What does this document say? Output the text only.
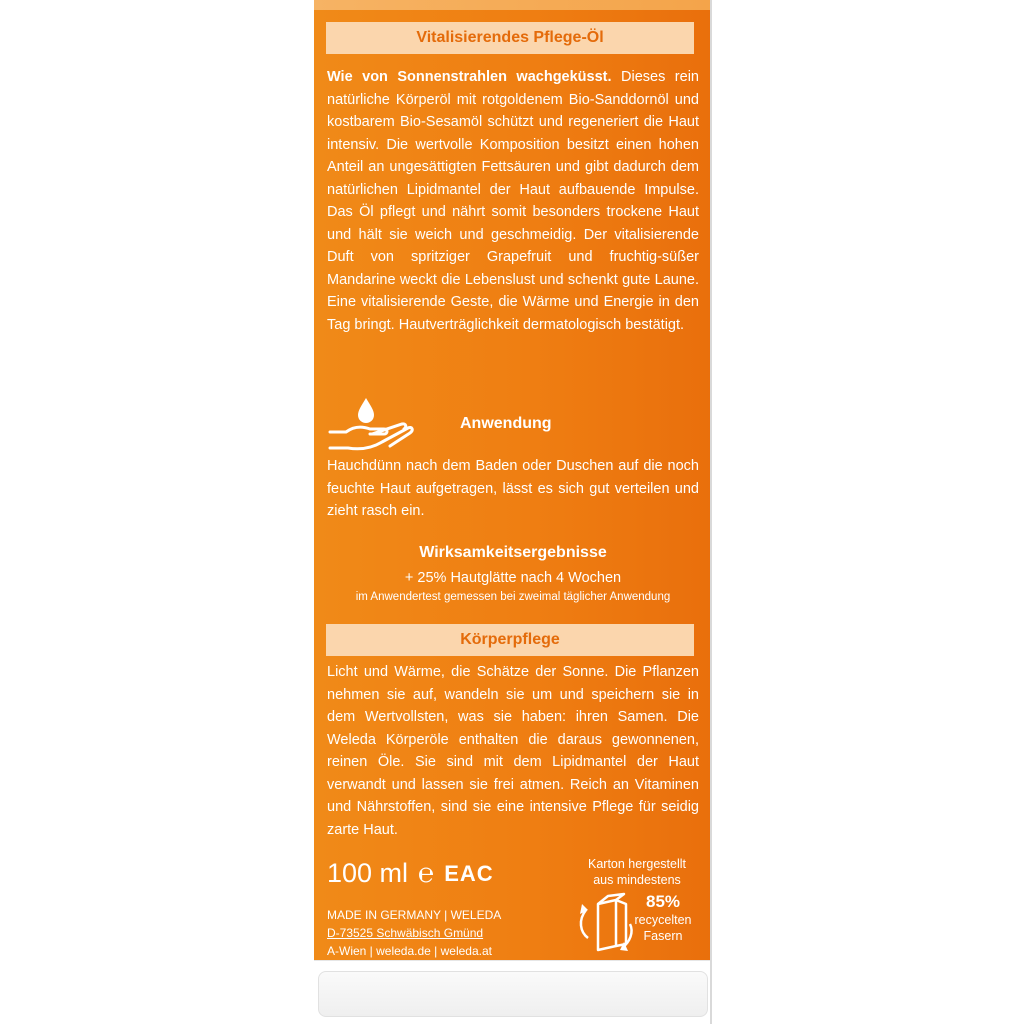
Vitalisierendes Pflege-Öl
Wie von Sonnenstrahlen wachgeküsst. Dieses rein natürliche Körperöl mit rotgoldenem Bio-Sanddornöl und kostbarem Bio-Sesamöl schützt und regeneriert die Haut intensiv. Die wertvolle Komposition besitzt einen hohen Anteil an ungesättigten Fettsäuren und gibt dadurch dem natürlichen Lipidmantel der Haut aufbauende Impulse. Das Öl pflegt und nährt somit besonders trockene Haut und hält sie weich und geschmeidig. Der vitalisierende Duft von spritziger Grapefruit und fruchtig-süßer Mandarine weckt die Lebenslust und schenkt gute Laune. Eine vitalisierende Geste, die Wärme und Energie in den Tag bringt. Hautverträglichkeit dermatologisch bestätigt.
Anwendung
Hauchdünn nach dem Baden oder Duschen auf die noch feuchte Haut aufgetragen, lässt es sich gut verteilen und zieht rasch ein.
Wirksamkeitsergebnisse
+ 25% Hautglätte nach 4 Wochen
im Anwendertest gemessen bei zweimal täglicher Anwendung
Körperpflege
Licht und Wärme, die Schätze der Sonne. Die Pflanzen nehmen sie auf, wandeln sie um und speichern sie in dem Wertvollsten, was sie haben: ihren Samen. Die Weleda Körperöle enthalten die daraus gewonnenen, reinen Öle. Sie sind mit dem Lipidmantel der Haut verwandt und lassen sie frei atmen. Reich an Vitaminen und Nährstoffen, sind sie eine intensive Pflege für seidig zarte Haut.
100 ml ℮ EAC
MADE IN GERMANY | WELEDA
D-73525 Schwäbisch Gmünd
A-Wien | weleda.de | weleda.at
Karton hergestellt
aus mindestens
85%
recycelten
Fasern
